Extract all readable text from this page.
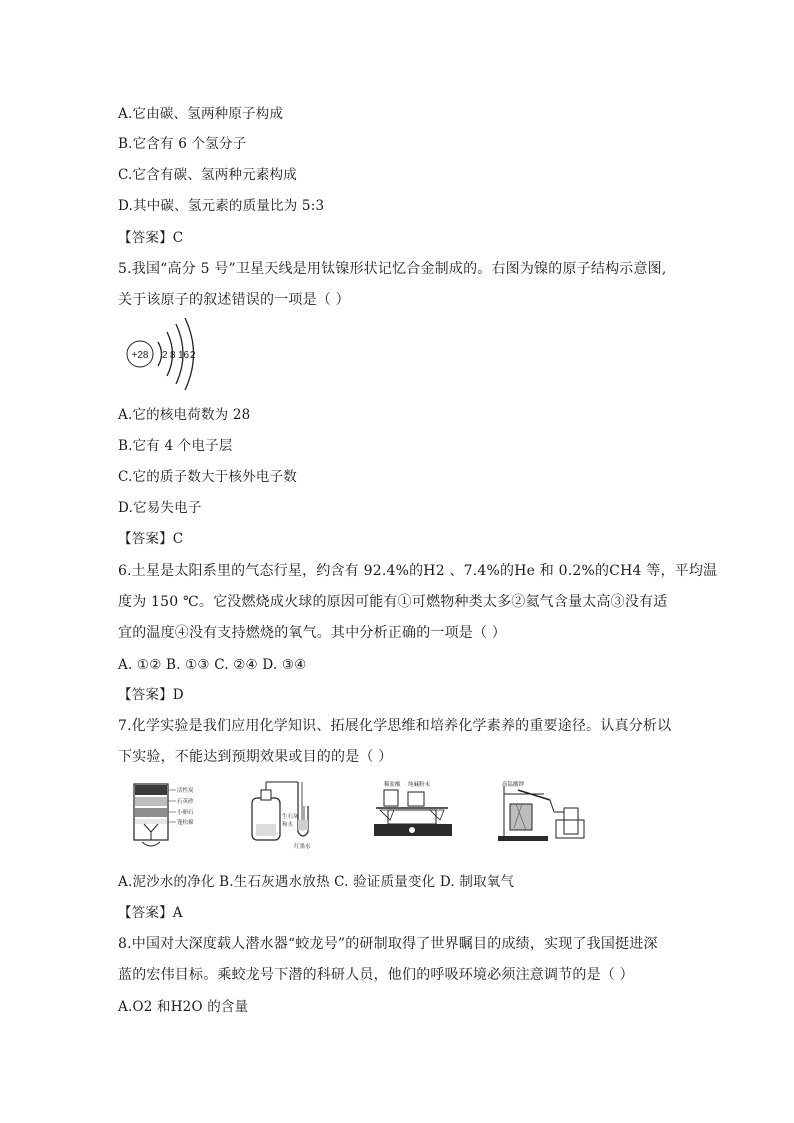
A.它由碳、氢两种原子构成
B.它含有 6 个氢分子
C.它含有碳、氢两种元素构成
D.其中碳、氢元素的质量比为 5:3
【答案】C
5.我国“高分 5 号”卫星天线是用钛镍形状记忆合金制成的。右图为镍的原子结构示意图,
关于该原子的叙述错误的一项是（ ）
+28 2 8 16 2
A.它的核电荷数为 28
B.它有 4 个电子层
C.它的质子数大于核外电子数
D.它易失电子
【答案】C
6.土星是太阳系里的气态行星，约含有 92.4%的H2 、7.4%的He 和 0.2%的CH4 等，平均温
度为 150 ℃。它没燃烧成火球的原因可能有①可燃物种类太多②氦气含量太高③没有适
宜的温度④没有支持燃烧的氧气。其中分析正确的一项是（ ）
A. ①② B. ①③ C. ②④ D. ③④
【答案】D
7.化学实验是我们应用化学知识、拓展化学思维和培养化学素养的重要途径。认真分析以
下实验，不能达到预期效果或目的的是（ ）
活性炭
石英砂
小卵石
蓬松棉
生石灰
和水
红墨水
稀盐酸 纯碱粉末	高锰酸钾
A.泥沙水的净化 B.生石灰遇水放热 C. 验证质量变化 D. 制取氧气
【答案】A
8.中国对大深度载人潜水器“蛟龙号”的研制取得了世界瞩目的成绩，实现了我国挺进深
蓝的宏伟目标。乘蛟龙号下潜的科研人员，他们的呼吸环境必须注意调节的是（ ）
A.O2 和H2O 的含量
